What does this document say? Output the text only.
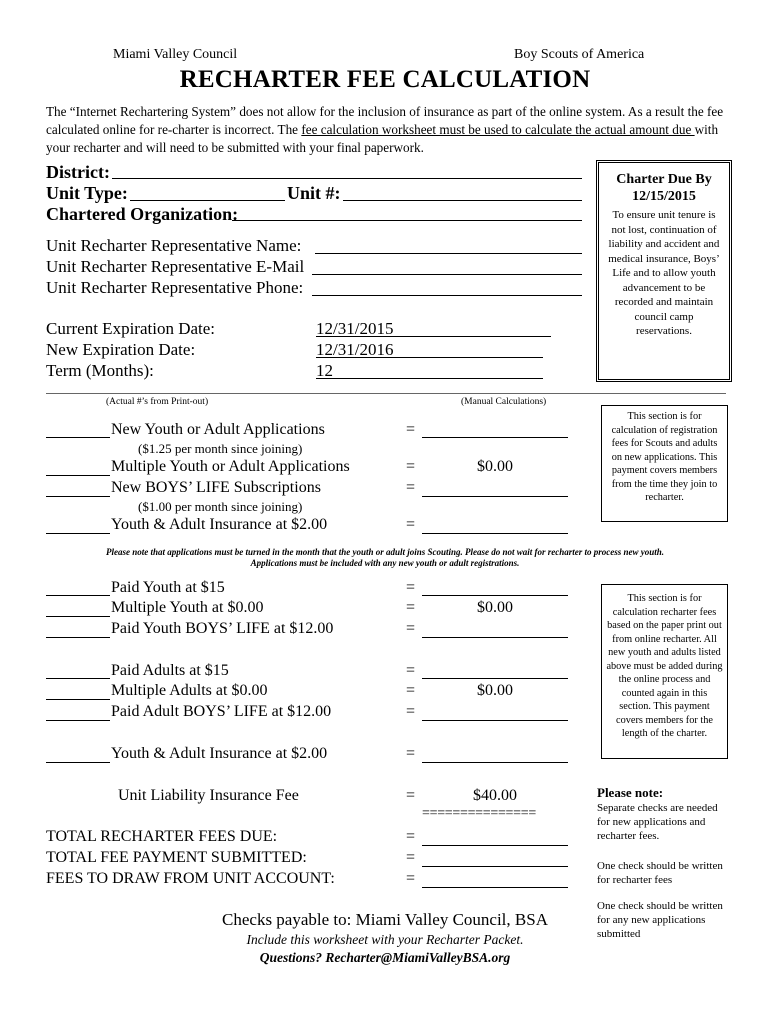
Miami Valley Council	Boy Scouts of America
RECHARTER FEE CALCULATION
The “Internet Rechartering System” does not allow for the inclusion of insurance as part of the online system. As a result the fee calculated online for re-charter is incorrect. The fee calculation worksheet must be used to calculate the actual amount due with your recharter and will need to be submitted with your final paperwork.
District:
Unit Type:	Unit #:
Chartered Organization:
Unit Recharter Representative Name:
Unit Recharter Representative E-Mail
Unit Recharter Representative Phone:
Current Expiration Date:	12/31/2015
New Expiration Date:	12/31/2016
Term (Months):	12
Charter Due By
12/15/2015
To ensure unit tenure is not lost, continuation of liability and accident and medical insurance, Boys’ Life and to allow youth advancement to be recorded and maintain council camp reservations.
(Actual #’s from Print-out)	(Manual Calculations)
New Youth or Adult Applications	=
($1.25 per month since joining)
Multiple Youth or Adult Applications	=	$0.00
New BOYS’ LIFE Subscriptions	=
($1.00 per month since joining)
Youth & Adult Insurance at $2.00	=
This section is for calculation of registration fees for Scouts and adults on new applications. This payment covers members from the time they join to recharter.
Please note that applications must be turned in the month that the youth or adult joins Scouting. Please do not wait for recharter to process new youth.
Applications must be included with any new youth or adult registrations.
Paid Youth at $15	=
Multiple Youth at $0.00	=	$0.00
Paid Youth BOYS’ LIFE at $12.00	=
Paid Adults at $15	=
Multiple Adults at $0.00	=	$0.00
Paid Adult BOYS’ LIFE at $12.00	=
Youth & Adult Insurance at $2.00	=
Unit Liability Insurance Fee	=	$40.00
===============
This section is for calculation recharter fees based on the paper print out from online recharter. All new youth and adults listed above must be added during the online process and counted again in this section. This payment covers members for the length of the charter.
TOTAL RECHARTER FEES DUE:	=
TOTAL FEE PAYMENT SUBMITTED:	=
FEES TO DRAW FROM UNIT ACCOUNT:	=
Please note:
Separate checks are needed for new applications and recharter fees.
One check should be written for recharter fees
One check should be written for any new applications submitted
Checks payable to: Miami Valley Council, BSA
Include this worksheet with your Recharter Packet.
Questions? Recharter@MiamiValleyBSA.org
